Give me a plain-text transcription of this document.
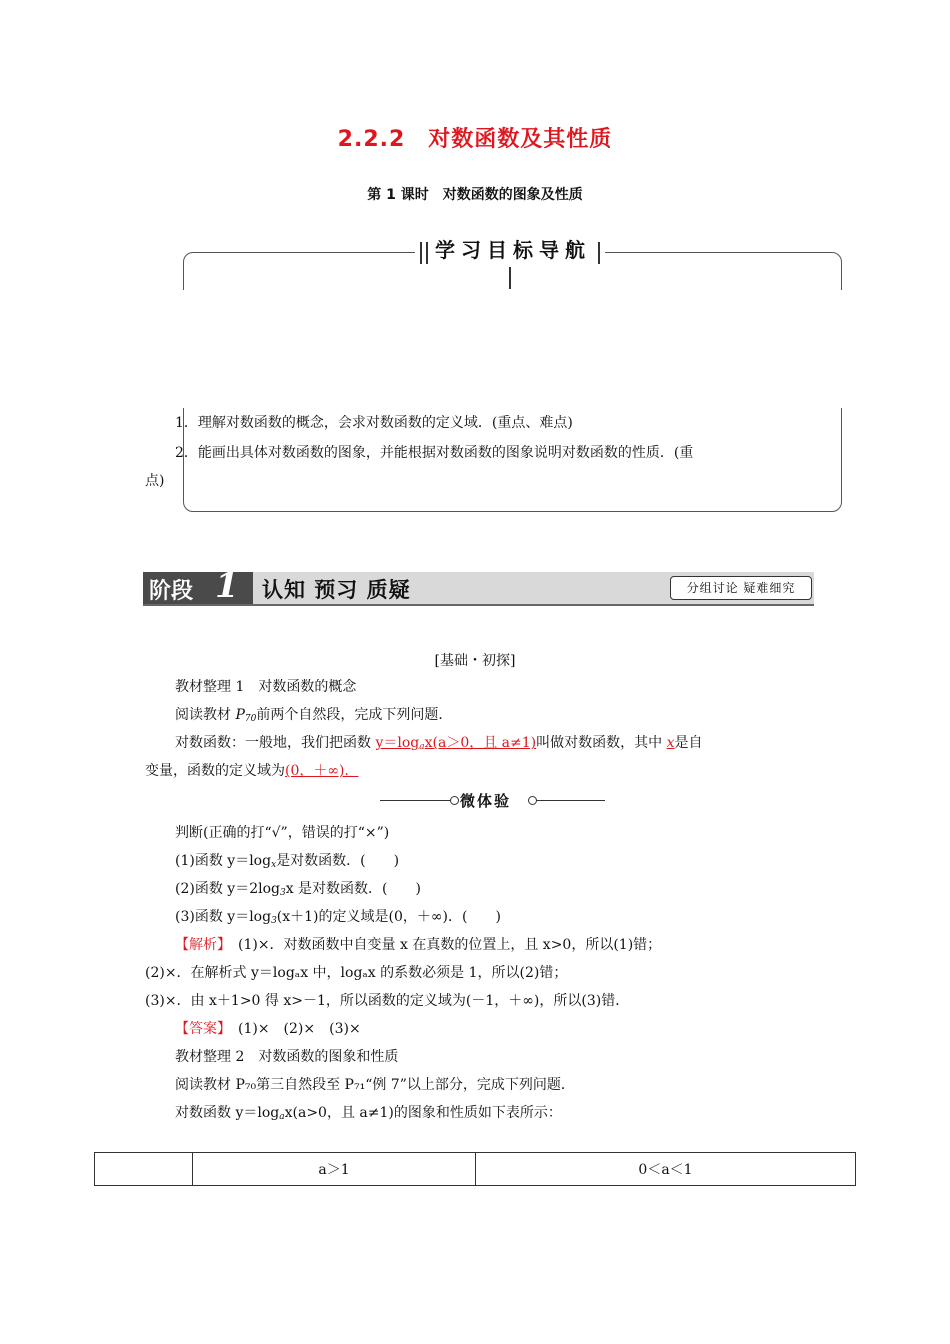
2.2.2　对数函数及其性质
第 1 课时　对数函数的图象及性质
学习目标导航
1．理解对数函数的概念，会求对数函数的定义域．(重点、难点)
2．能画出具体对数函数的图象，并能根据对数函数的图象说明对数函数的性质．(重
点)
阶段 1 认知 预习 质疑	分组讨论 疑难细究
[基础・初探]
教材整理 1　对数函数的概念
阅读教材 $P_{70}$前两个自然段，完成下列问题．
对数函数：一般地，我们把函数 $y=\log_ax(a>0$，且 a≠1)叫做对数函数，其中 x是自
变量，函数的定义域为(0，＋∞)．
微体验
判断(正确的打“√”，错误的打“×”)
(1)函数 $y=\log_x$是对数函数．(　　)
(2)函数 $y=2\log_3x$ 是对数函数．(　　)
(3)函数 $y=\log_3(x+1)$的定义域是(0，＋∞)．(　　)
【解析】　(1)×．对数函数中自变量 x 在真数的位置上，且 x>0，所以(1)错；
(2)×．在解析式 y＝logₐx 中，logₐx 的系数必须是 1，所以(2)错；
(3)×．由 x＋1>0 得 x>－1，所以函数的定义域为(－1，＋∞)，所以(3)错．
【答案】　(1)×　(2)×　(3)×
教材整理 2　对数函数的图象和性质
阅读教材 P₇₀第三自然段至 P₇₁“例 7”以上部分，完成下列问题．
对数函数 $y=\log_ax(a>0$，且 a≠1)的图象和性质如下表所示：
	a＞1	0＜a＜1
